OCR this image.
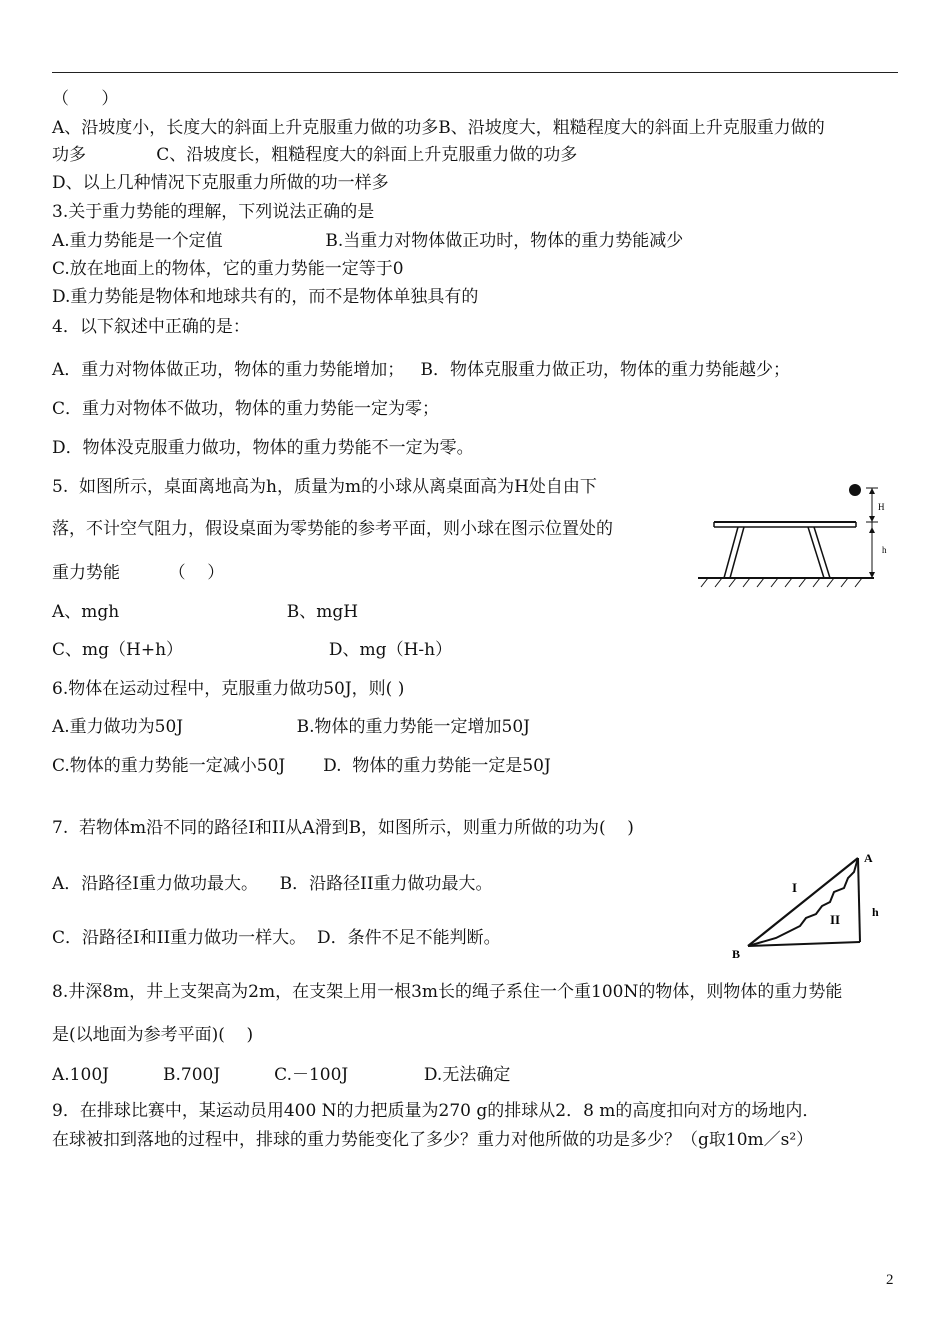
（      ）
A、沿坡度小，长度大的斜面上升克服重力做的功多B、沿坡度大，粗糙程度大的斜面上升克服重力做的
功多             C、沿坡度长，粗糙程度大的斜面上升克服重力做的功多
D、以上几种情况下克服重力所做的功一样多
3.关于重力势能的理解，下列说法正确的是
A.重力势能是一个定值                   B.当重力对物体做正功时，物体的重力势能减少
C.放在地面上的物体，它的重力势能一定等于0
D.重力势能是物体和地球共有的，而不是物体单独具有的
4．以下叙述中正确的是：
A．重力对物体做正功，物体的重力势能增加；   B．物体克服重力做正功，物体的重力势能越少；
C．重力对物体不做功，物体的重力势能一定为零；
D．物体没克服重力做功，物体的重力势能不一定为零。
5.  如图所示，桌面离地高为h，质量为m的小球从离桌面高为H处自由下
落，不计空气阻力，假设桌面为零势能的参考平面，则小球在图示位置处的
重力势能         （    ）
A、mgh                               B、mgH
C、mg（H+h）                           D、mg（H-h）
6.物体在运动过程中，克服重力做功50J，则( )
A.重力做功为50J                     B.物体的重力势能一定增加50J
C.物体的重力势能一定减小50J       D.  物体的重力势能一定是50J
7.  若物体m沿不同的路径I和II从A滑到B，如图所示，则重力所做的功为(    )
A．沿路径I重力做功最大。    B．沿路径II重力做功最大。
C．沿路径I和II重力做功一样大。  D．条件不足不能判断。
8.井深8m，井上支架高为2m，在支架上用一根3m长的绳子系住一个重100N的物体，则物体的重力势能
是(以地面为参考平面)(    )
A.100J          B.700J          C.－100J              D.无法确定
9．在排球比赛中，某运动员用400 N的力把质量为270 g的排球从2．8 m的高度扣向对方的场地内．
在球被扣到落地的过程中，排球的重力势能变化了多少？重力对他所做的功是多少？（g取10m／s²）
H
h
A
B
I
II	h
2
